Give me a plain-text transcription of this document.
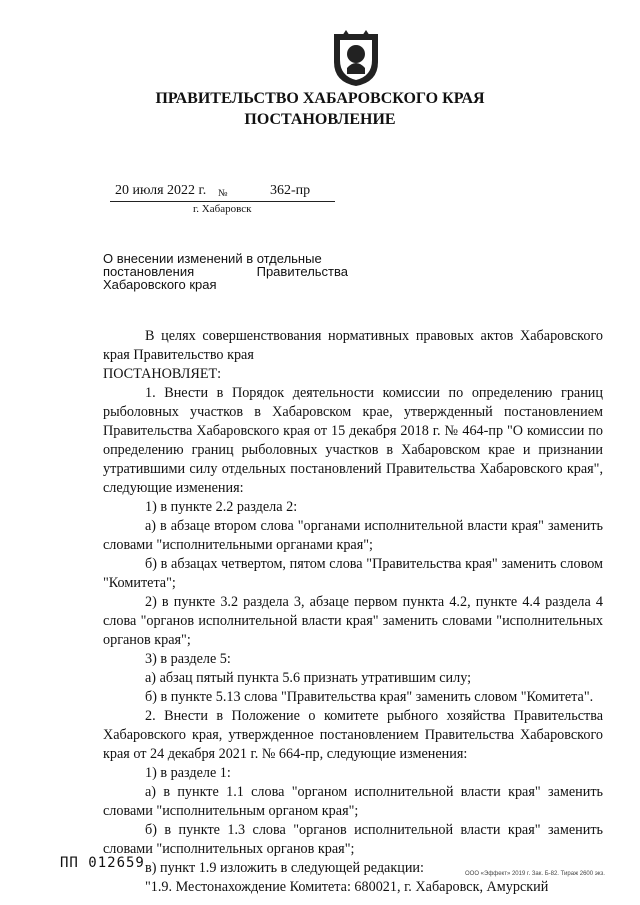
ПРАВИТЕЛЬСТВО ХАБАРОВСКОГО КРАЯ
ПОСТАНОВЛЕНИЕ
20 июля 2022 г. №	362-пр
г. Хабаровск
О внесении изменений в отдельные
постановления	Правительства
Хабаровского края

В целях совершенствования нормативных правовых актов Хабаровского края Правительство края

ПОСТАНОВЛЯЕТ:

1. Внести в Порядок деятельности комиссии по определению границ рыболовных участков в Хабаровском крае, утвержденный постановлением Правительства Хабаровского края от 15 декабря 2018 г. № 464-пр "О комиссии по определению границ рыболовных участков в Хабаровском крае и признании утратившими силу отдельных постановлений Правительства Хабаровского края", следующие изменения:

1) в пункте 2.2 раздела 2:

а) в абзаце втором слова "органами исполнительной власти края" заменить словами "исполнительными органами края";

б) в абзацах четвертом, пятом слова "Правительства края" заменить словом "Комитета";

2) в пункте 3.2 раздела 3, абзаце первом пункта 4.2, пункте 4.4 раздела 4 слова "органов исполнительной власти края" заменить словами "исполнительных органов края";

3) в разделе 5:

а) абзац пятый пункта 5.6 признать утратившим силу;

б) в пункте 5.13 слова "Правительства края" заменить словом "Комитета".

2. Внести в Положение о комитете рыбного хозяйства Правительства Хабаровского края, утвержденное постановлением Правительства Хабаровского края от 24 декабря 2021 г. № 664-пр, следующие изменения:

1) в разделе 1:

а) в пункте 1.1 слова "органом исполнительной власти края" заменить словами "исполнительным органом края";

б) в пункте 1.3 слова "органов исполнительной власти края" заменить словами "исполнительных органов края";

в) пункт 1.9 изложить в следующей редакции:

"1.9. Местонахождение Комитета: 680021, г. Хабаровск, Амурский

ПП 012659
ООО «Эффект» 2019 г. Зак. Б-82. Тираж 2600 экз.
